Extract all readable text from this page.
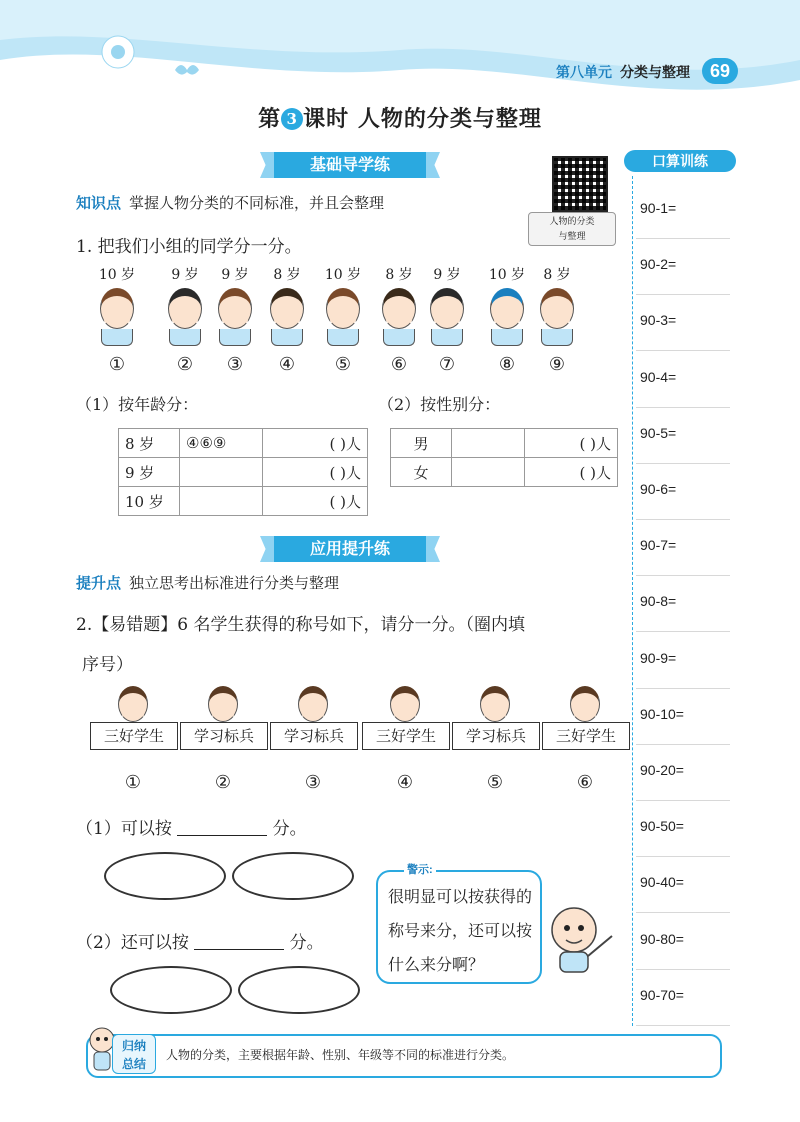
第八单元 分类与整理	69
第 3 课时 人物的分类与整理
基础导学练
知识点 掌握人物分类的不同标准，并且会整理
人物的分类
与整理
1. 把我们小组的同学分一分。
10 岁
①
9 岁
②
9 岁
③
8 岁
④
10 岁
⑤
8 岁
⑥
9 岁
⑦
10 岁
⑧
8 岁
⑨
（1）按年龄分：	（2）按性别分：
8 岁	④⑥⑨	( )人
9 岁		( )人
10 岁		( )人
男		( )人
女		( )人
应用提升练
提升点 独立思考出标准进行分类与整理
2.【易错题】6 名学生获得的称号如下，请分一分。（圈内填
序号）
三好学生
①
学习标兵
②
学习标兵
③
三好学生
④
学习标兵
⑤
三好学生
⑥
（1）可以按	分。
（2）还可以按	分。
警示:
很明显可以按获得的称号来分，还可以按什么来分啊？
归纳
总结
人物的分类，主要根据年龄、性别、年级等不同的标准进行分类。
口算训练
90-1=
90-2=
90-3=
90-4=
90-5=
90-6=
90-7=
90-8=
90-9=
90-10=
90-20=
90-50=
90-40=
90-80=
90-70=
